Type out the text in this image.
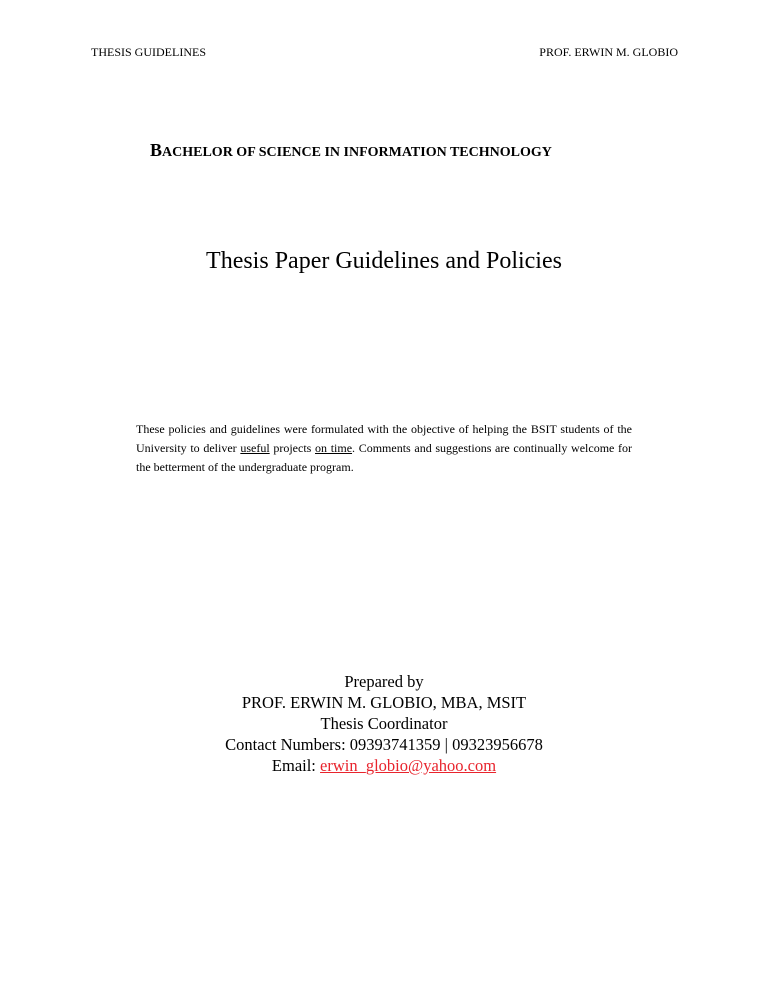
THESIS GUIDELINES	PROF. ERWIN M. GLOBIO
BACHELOR OF SCIENCE IN INFORMATION TECHNOLOGY
Thesis Paper Guidelines and Policies
These policies and guidelines were formulated with the objective of helping the BSIT students of the University to deliver useful projects on time. Comments and suggestions are continually welcome for the betterment of the undergraduate program.
Prepared by
PROF. ERWIN M. GLOBIO, MBA, MSIT
Thesis Coordinator
Contact Numbers: 09393741359 | 09323956678
Email: erwin_globio@yahoo.com
